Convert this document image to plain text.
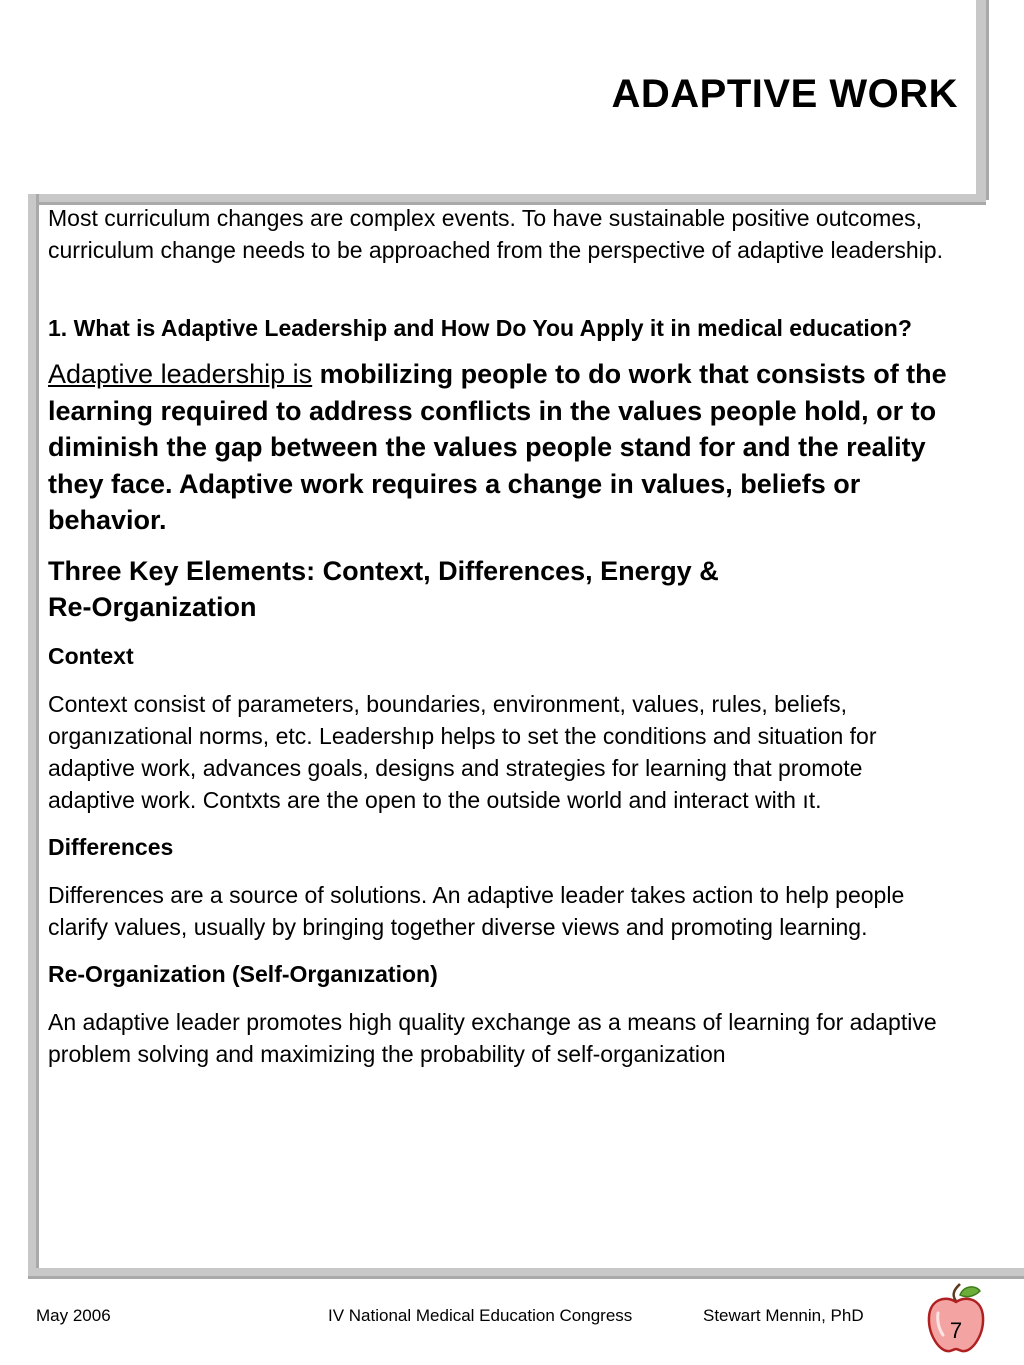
ADAPTIVE WORK

Most curriculum changes are complex events. To have sustainable positive outcomes, curriculum change needs to be approached from the perspective of adaptive leadership.

1. What is Adaptive Leadership and How Do You Apply it in medical education?

Adaptive leadership is mobilizing people to do work that consists of the learning required to address conflicts in the values people hold, or to diminish the gap between the values people stand for and the reality they face. Adaptive work requires a change in values, beliefs or behavior.

Three Key Elements: Context, Differences, Energy &
Re-Organization

Context

Context consist of parameters, boundaries, environment, values, rules, beliefs, organızational norms, etc. Leadershıp helps to set the conditions and situation for adaptive work, advances goals, designs and strategies for learning that promote adaptive work. Contxts are the open to the outside world and interact with ıt.

Differences

Differences are a source of solutions. An adaptive leader takes action to help people clarify values, usually by bringing together diverse views and promoting learning.

Re-Organization (Self-Organızation)

An adaptive leader promotes high quality exchange as a means of learning for adaptive problem solving and maximizing the probability of self-organization

May 2006	IV National Medical Education Congress	Stewart Mennin, PhD
7
